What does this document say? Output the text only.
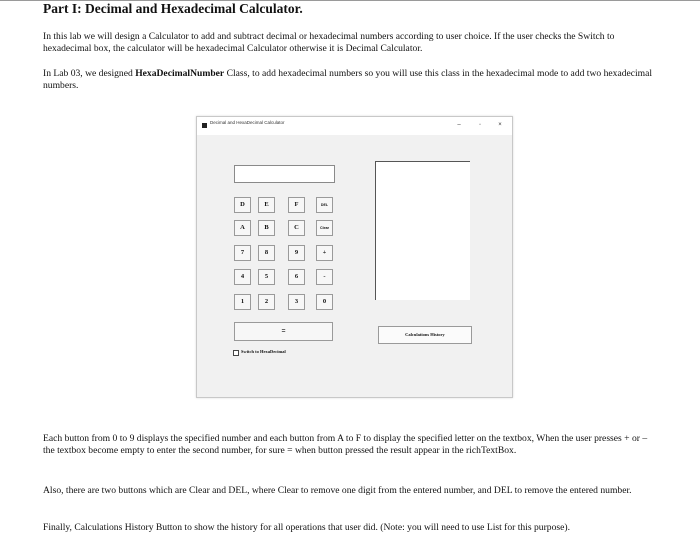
Part I: Decimal and Hexadecimal Calculator.

In this lab we will design a Calculator to add and subtract decimal or hexadecimal numbers according to user choice. If the user checks the Switch to hexadecimal box, the calculator will be hexadecimal Calculator otherwise it is Decimal Calculator.

In Lab 03, we designed HexaDecimalNumber Class, to add hexadecimal numbers so you will use this class in the hexadecimal mode to add two hexadecimal numbers.

Each button from 0 to 9 displays the specified number and each button from A to F to display the specified letter on the textbox, When the user presses + or – the textbox become empty to enter the second number, for sure = when button pressed the result appear in the richTextBox.

Also, there are two buttons which are Clear and DEL, where Clear to remove one digit from the entered number, and DEL to remove the entered number.

Finally, Calculations History Button to show the history for all operations that user did. (Note: you will need to use List for this purpose).

Decimal and HexaDecimal Calculator	–	▫	×
D	E	F	DEL
A	B	C	Clear
7	8	9	+
4	5	6	-
1	2	3	0
=
Switch to HexaDecimal
Calculations History
